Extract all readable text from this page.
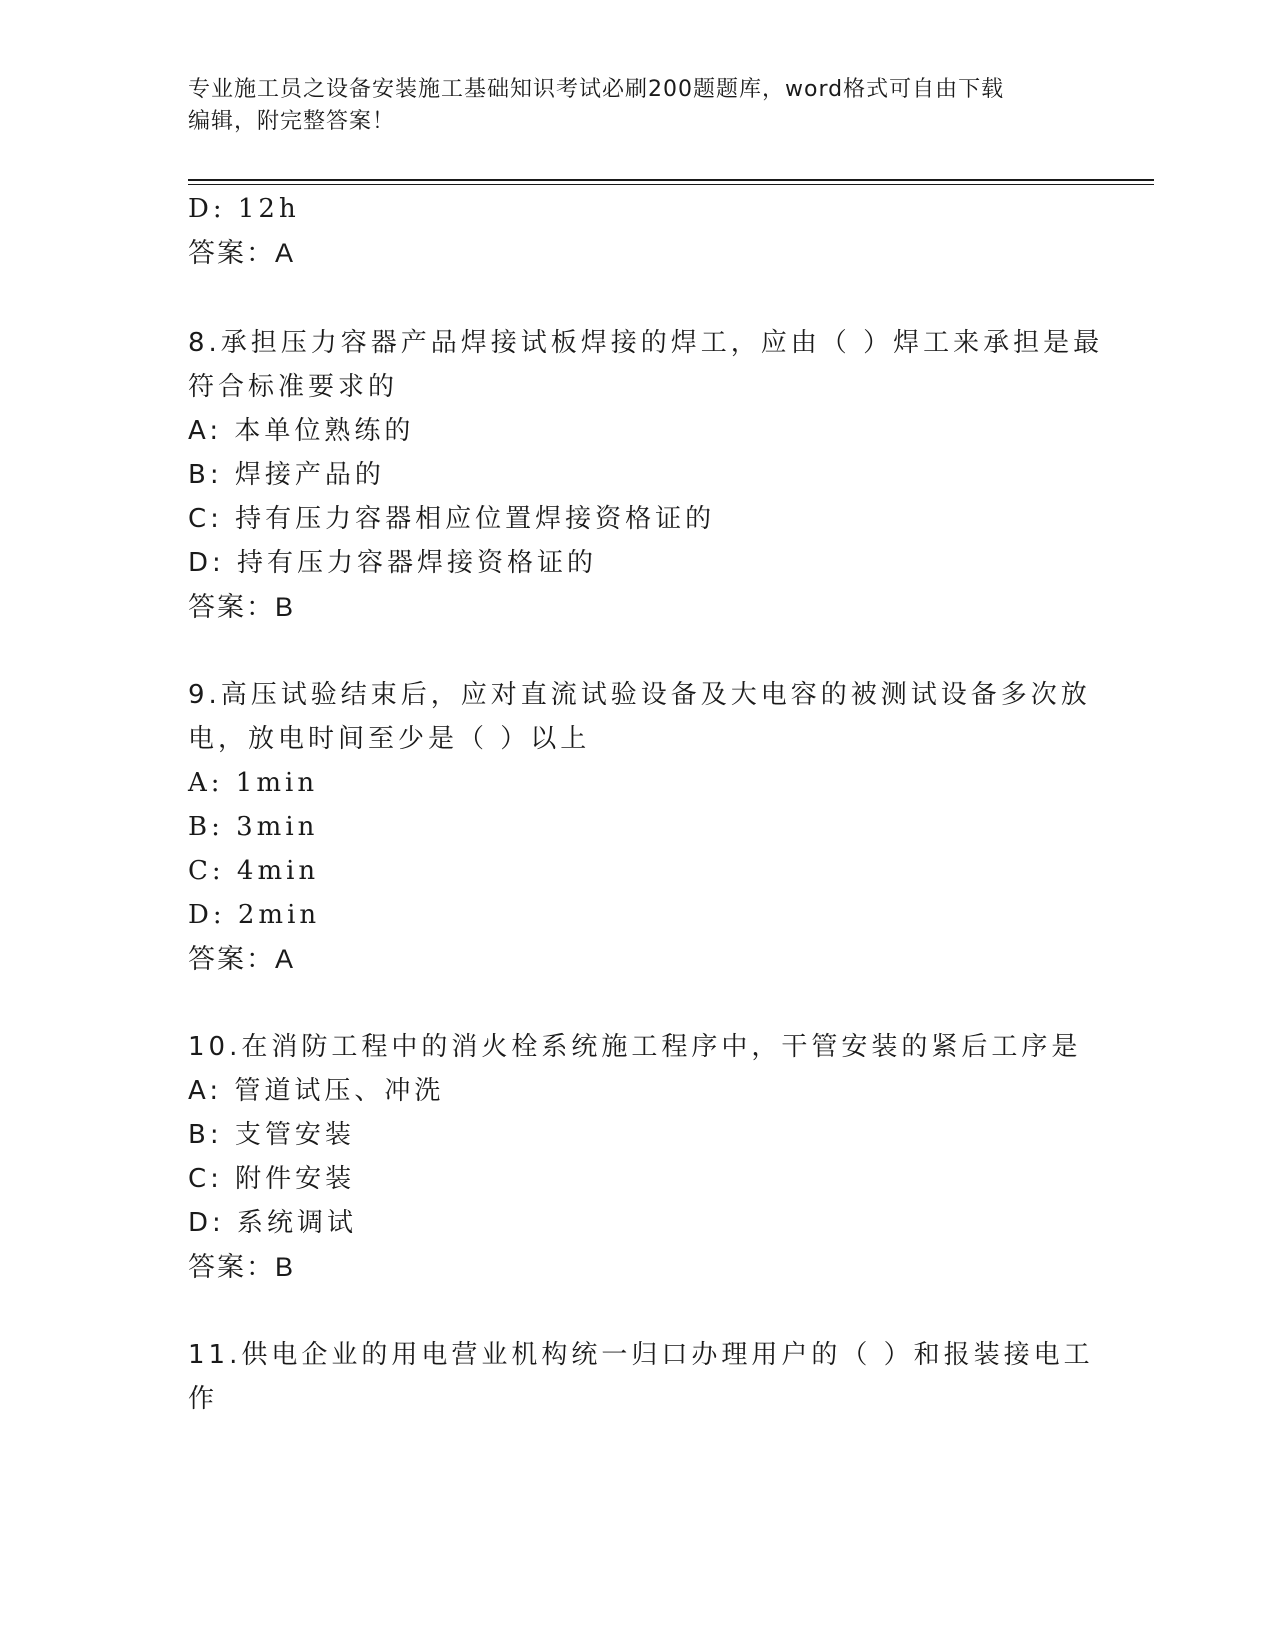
专业施工员之设备安装施工基础知识考试必刷200题题库，word格式可自由下载
编辑，附完整答案！
D: 12h
答案：A
8.承担压力容器产品焊接试板焊接的焊工，应由（ ）焊工来承担是最
符合标准要求的
A: 本单位熟练的
B: 焊接产品的
C: 持有压力容器相应位置焊接资格证的
D: 持有压力容器焊接资格证的
答案：B
9.高压试验结束后，应对直流试验设备及大电容的被测试设备多次放
电，放电时间至少是（ ）以上
A: 1min
B: 3min
C: 4min
D: 2min
答案：A
10.在消防工程中的消火栓系统施工程序中，干管安装的紧后工序是
A: 管道试压、冲洗
B: 支管安装
C: 附件安装
D: 系统调试
答案：B
11.供电企业的用电营业机构统一归口办理用户的（ ）和报装接电工
作
